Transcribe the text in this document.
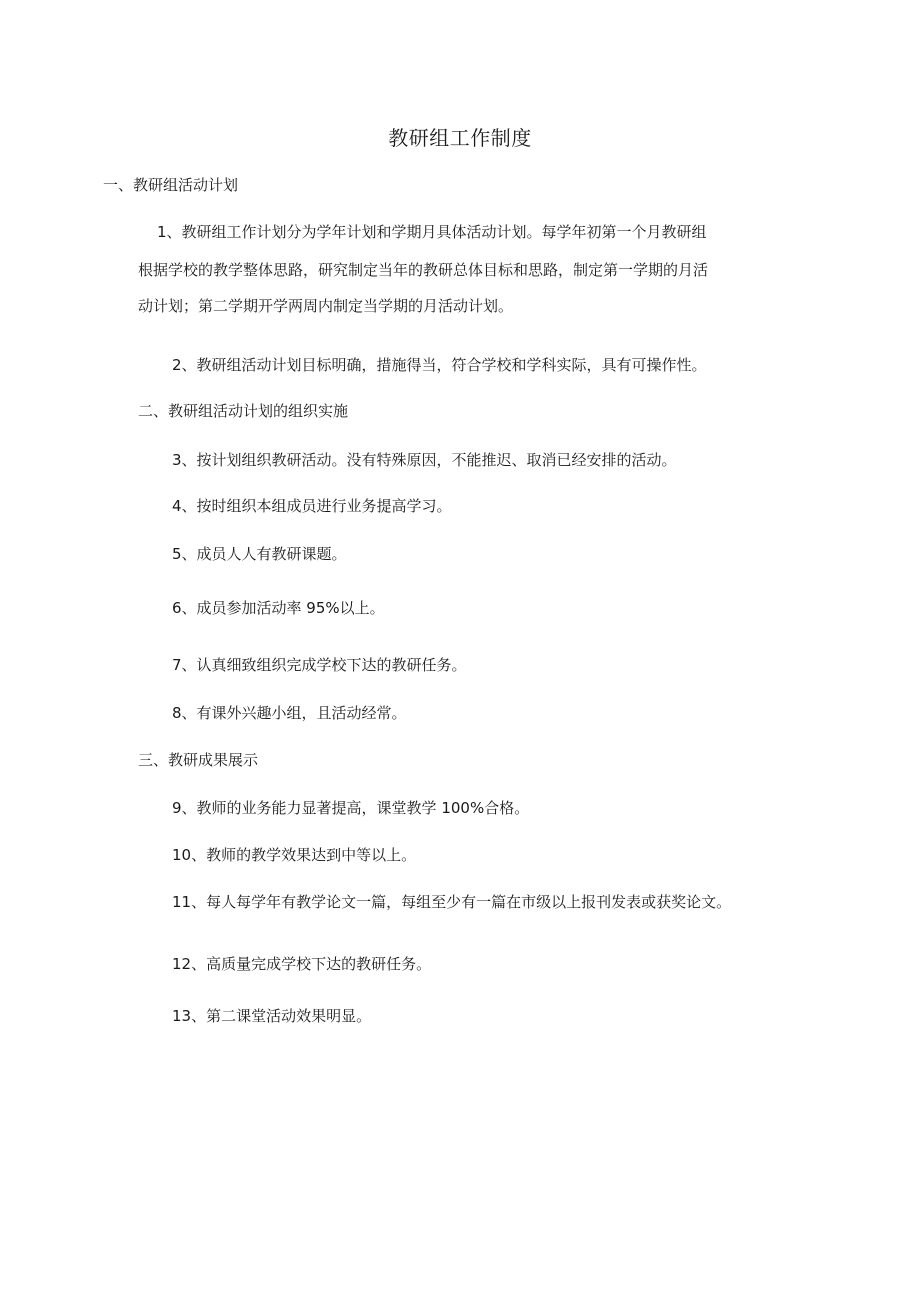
教研组工作制度
一、教研组活动计划
1、教研组工作计划分为学年计划和学期月具体活动计划。每学年初第一个月教研组
根据学校的教学整体思路，研究制定当年的教研总体目标和思路，制定第一学期的月活
动计划；第二学期开学两周内制定当学期的月活动计划。
2、教研组活动计划目标明确，措施得当，符合学校和学科实际，具有可操作性。
二、教研组活动计划的组织实施
3、按计划组织教研活动。没有特殊原因，不能推迟、取消已经安排的活动。
4、按时组织本组成员进行业务提高学习。
5、成员人人有教研课题。
6、成员参加活动率 95%以上。
7、认真细致组织完成学校下达的教研任务。
8、有课外兴趣小组，且活动经常。
三、教研成果展示
9、教师的业务能力显著提高，课堂教学 100%合格。
10、教师的教学效果达到中等以上。
11、每人每学年有教学论文一篇，每组至少有一篇在市级以上报刊发表或获奖论文。
12、高质量完成学校下达的教研任务。
13、第二课堂活动效果明显。
